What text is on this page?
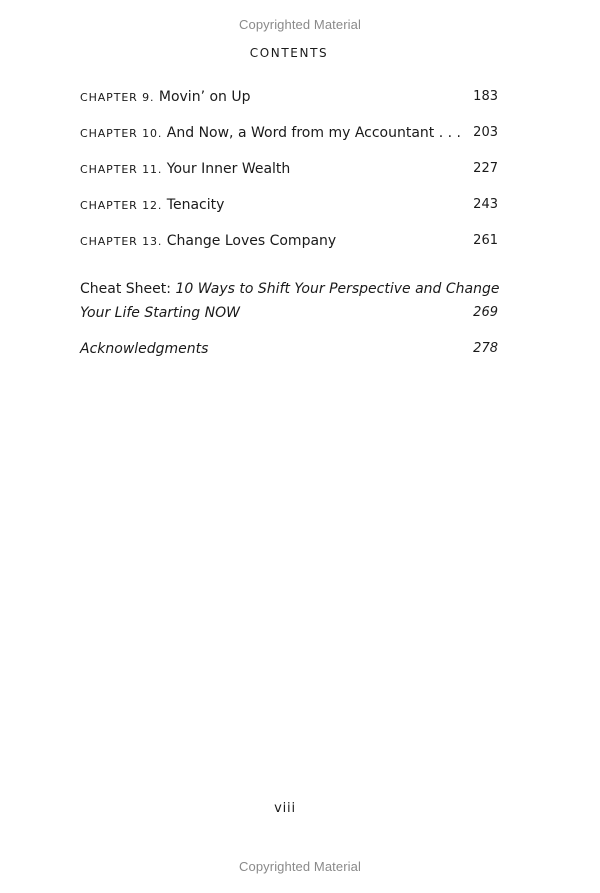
Copyrighted Material
CONTENTS
CHAPTER 9. Movin’ on Up	183
CHAPTER 10. And Now, a Word from my Accountant . . . 203
CHAPTER 11. Your Inner Wealth	227
CHAPTER 12. Tenacity	243
CHAPTER 13. Change Loves Company	261
Cheat Sheet: 10 Ways to Shift Your Perspective and Change
Your Life Starting NOW	269
Acknowledgments	278
viii
Copyrighted Material
